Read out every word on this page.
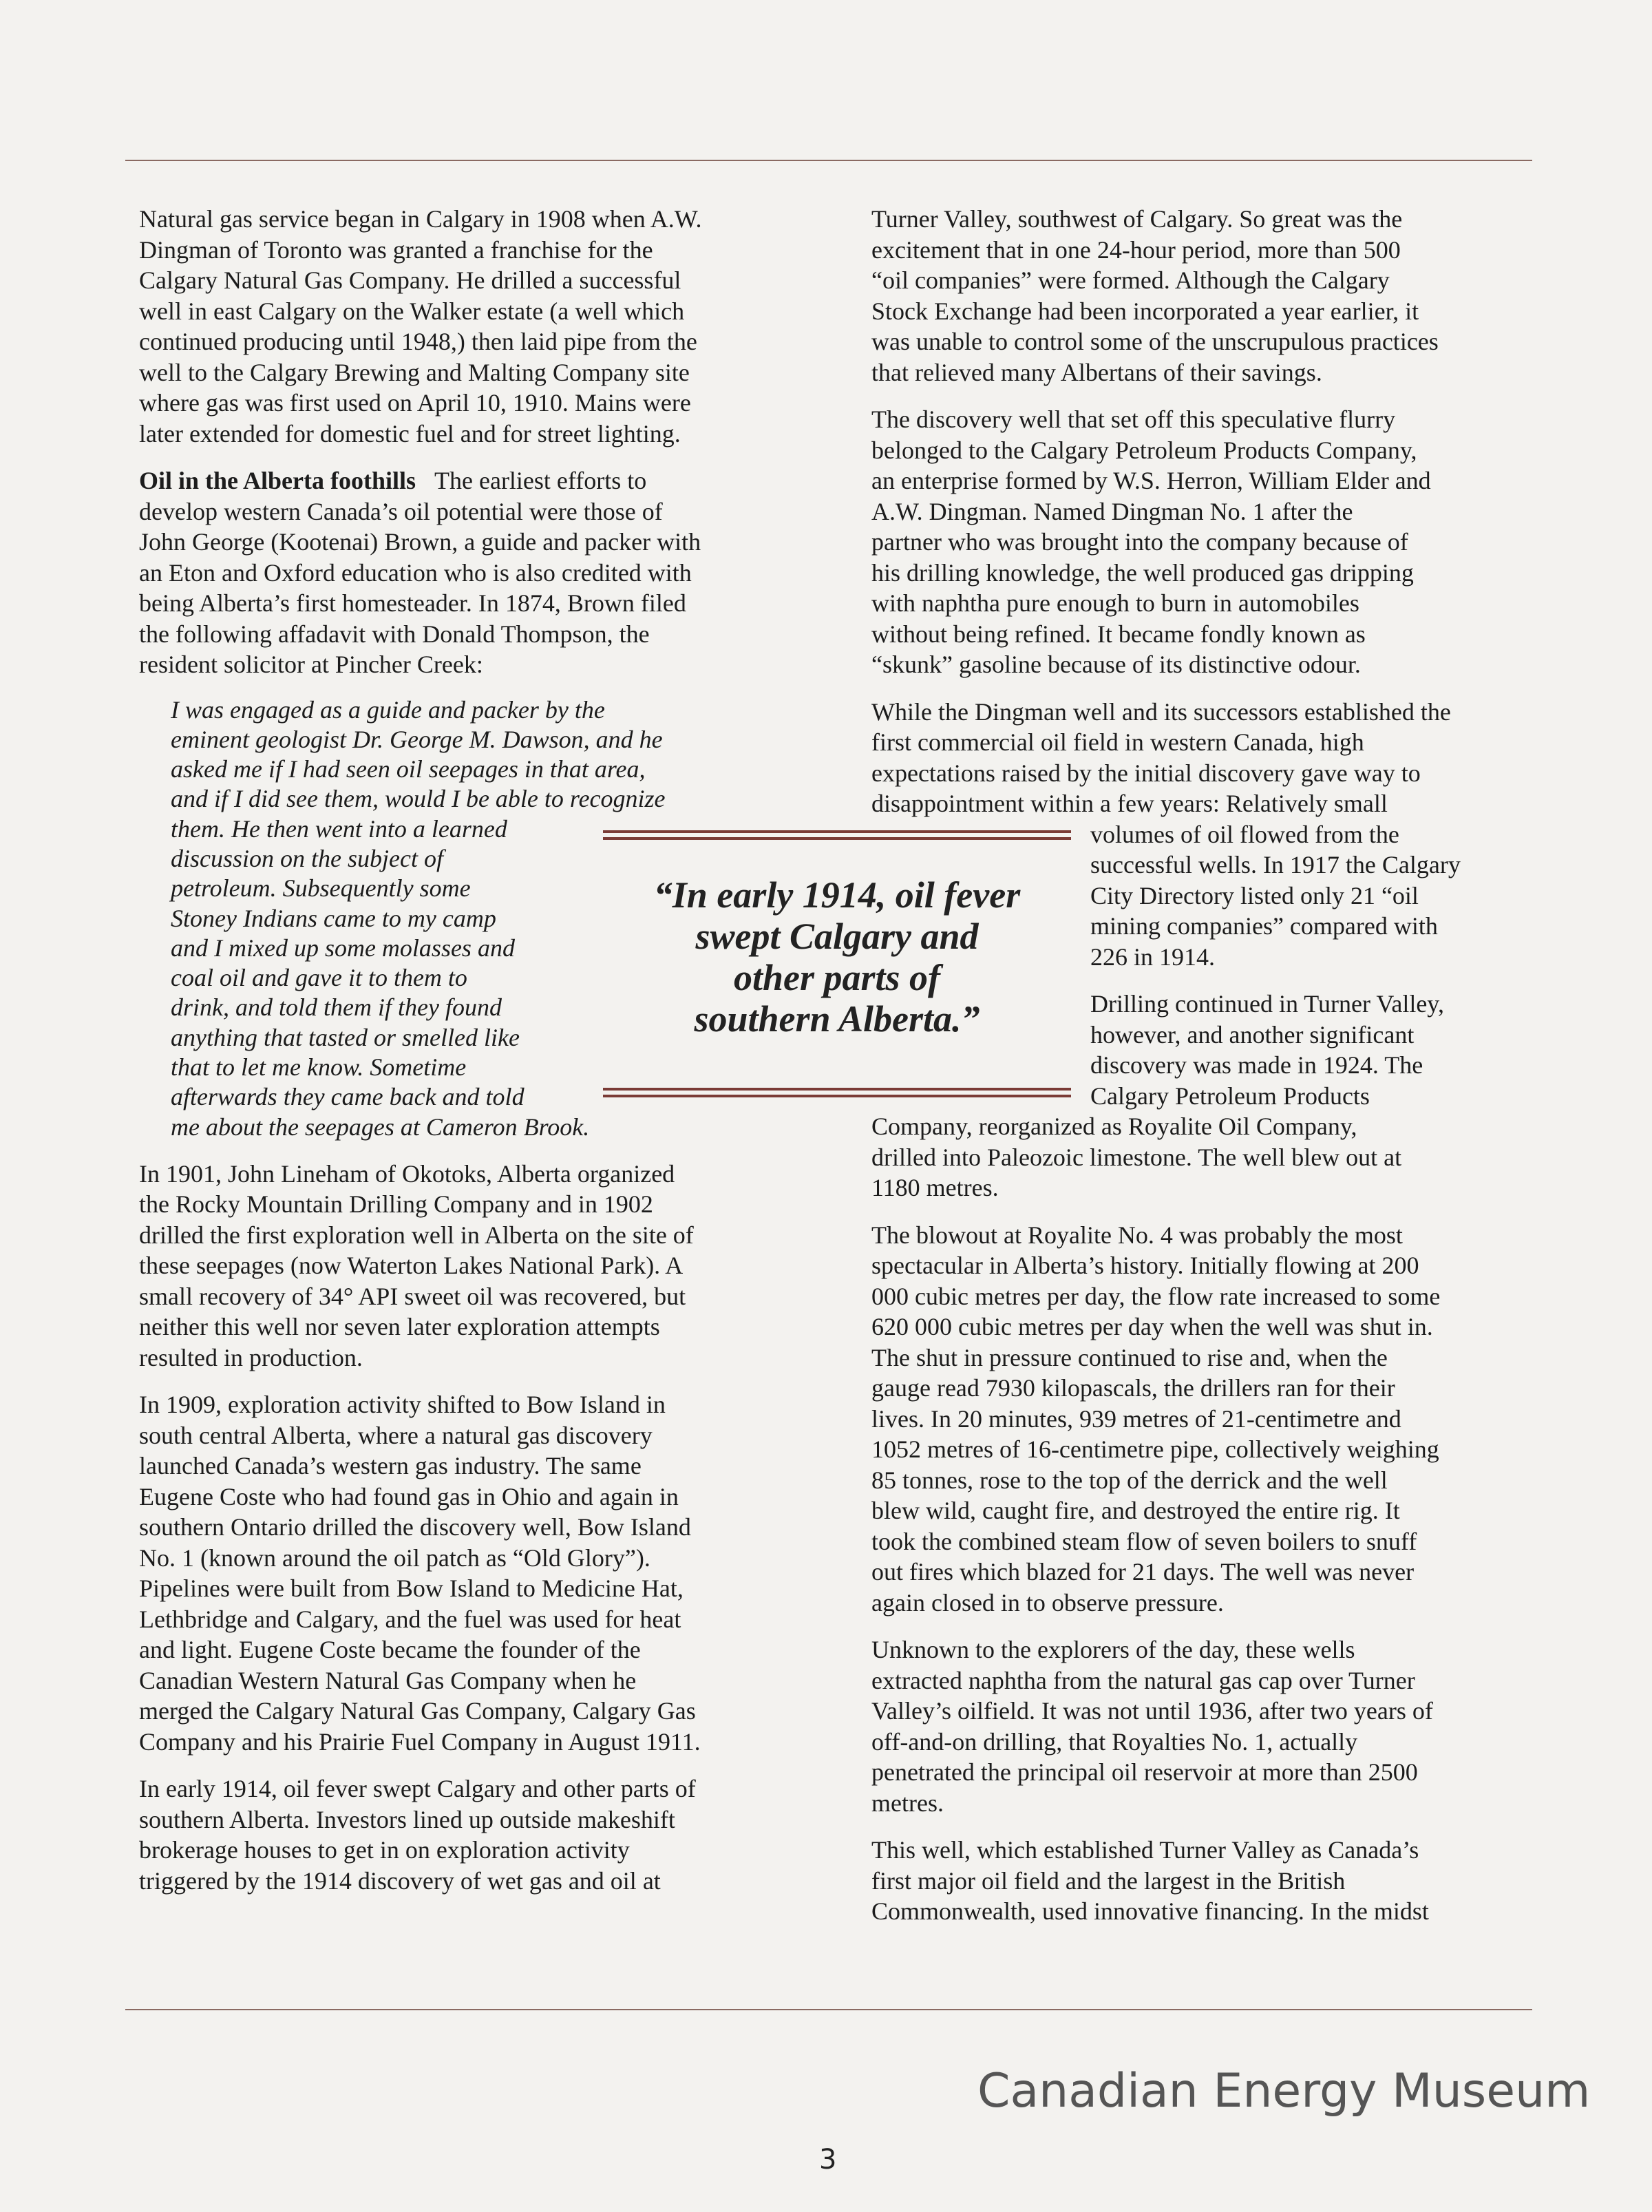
Natural gas service began in Calgary in 1908 when A.W.
Dingman of Toronto was granted a franchise for the
Calgary Natural Gas Company. He drilled a successful
well in east Calgary on the Walker estate (a well which
continued producing until 1948,) then laid pipe from the
well to the Calgary Brewing and Malting Company site
where gas was first used on April 10, 1910. Mains were
later extended for domestic fuel and for street lighting.

Oil in the Alberta foothills The earliest efforts to
develop western Canada’s oil potential were those of
John George (Kootenai) Brown, a guide and packer with
an Eton and Oxford education who is also credited with
being Alberta’s first homesteader. In 1874, Brown filed
the following affadavit with Donald Thompson, the
resident solicitor at Pincher Creek:

I was engaged as a guide and packer by the
eminent geologist Dr. George M. Dawson, and he
asked me if I had seen oil seepages in that area,
and if I did see them, would I be able to recognize
them. He then went into a learned
discussion on the subject of
petroleum. Subsequently some
Stoney Indians came to my camp
and I mixed up some molasses and
coal oil and gave it to them to
drink, and told them if they found
anything that tasted or smelled like
that to let me know. Sometime
afterwards they came back and told
me about the seepages at Cameron Brook.

In 1901, John Lineham of Okotoks, Alberta organized
the Rocky Mountain Drilling Company and in 1902
drilled the first exploration well in Alberta on the site of
these seepages (now Waterton Lakes National Park). A
small recovery of 34° API sweet oil was recovered, but
neither this well nor seven later exploration attempts
resulted in production.

In 1909, exploration activity shifted to Bow Island in
south central Alberta, where a natural gas discovery
launched Canada’s western gas industry. The same
Eugene Coste who had found gas in Ohio and again in
southern Ontario drilled the discovery well, Bow Island
No. 1 (known around the oil patch as “Old Glory”).
Pipelines were built from Bow Island to Medicine Hat,
Lethbridge and Calgary, and the fuel was used for heat
and light. Eugene Coste became the founder of the
Canadian Western Natural Gas Company when he
merged the Calgary Natural Gas Company, Calgary Gas
Company and his Prairie Fuel Company in August 1911.

In early 1914, oil fever swept Calgary and other parts of
southern Alberta. Investors lined up outside makeshift
brokerage houses to get in on exploration activity
triggered by the 1914 discovery of wet gas and oil at

Turner Valley, southwest of Calgary. So great was the
excitement that in one 24-hour period, more than 500
“oil companies” were formed. Although the Calgary
Stock Exchange had been incorporated a year earlier, it
was unable to control some of the unscrupulous practices
that relieved many Albertans of their savings.

The discovery well that set off this speculative flurry
belonged to the Calgary Petroleum Products Company,
an enterprise formed by W.S. Herron, William Elder and
A.W. Dingman. Named Dingman No. 1 after the
partner who was brought into the company because of
his drilling knowledge, the well produced gas dripping
with naphtha pure enough to burn in automobiles
without being refined. It became fondly known as
“skunk” gasoline because of its distinctive odour.

While the Dingman well and its successors established the
first commercial oil field in western Canada, high
expectations raised by the initial discovery gave way to
disappointment within a few years: Relatively small

volumes of oil flowed from the
successful wells. In 1917 the Calgary
City Directory listed only 21 “oil
mining companies” compared with
226 in 1914.

Drilling continued in Turner Valley,
however, and another significant
discovery was made in 1924. The
Calgary Petroleum Products

Company, reorganized as Royalite Oil Company,
drilled into Paleozoic limestone. The well blew out at
1180 metres.

The blowout at Royalite No. 4 was probably the most
spectacular in Alberta’s history. Initially flowing at 200
000 cubic metres per day, the flow rate increased to some
620 000 cubic metres per day when the well was shut in.
The shut in pressure continued to rise and, when the
gauge read 7930 kilopascals, the drillers ran for their
lives. In 20 minutes, 939 metres of 21-centimetre and
1052 metres of 16-centimetre pipe, collectively weighing
85 tonnes, rose to the top of the derrick and the well
blew wild, caught fire, and destroyed the entire rig. It
took the combined steam flow of seven boilers to snuff
out fires which blazed for 21 days. The well was never
again closed in to observe pressure.

Unknown to the explorers of the day, these wells
extracted naphtha from the natural gas cap over Turner
Valley’s oilfield. It was not until 1936, after two years of
off-and-on drilling, that Royalties No. 1, actually
penetrated the principal oil reservoir at more than 2500
metres.

This well, which established Turner Valley as Canada’s
first major oil field and the largest in the British
Commonwealth, used innovative financing. In the midst

“In early 1914, oil fever
swept Calgary and
other parts of
southern Alberta.”
Canadian Energy Museum
3
